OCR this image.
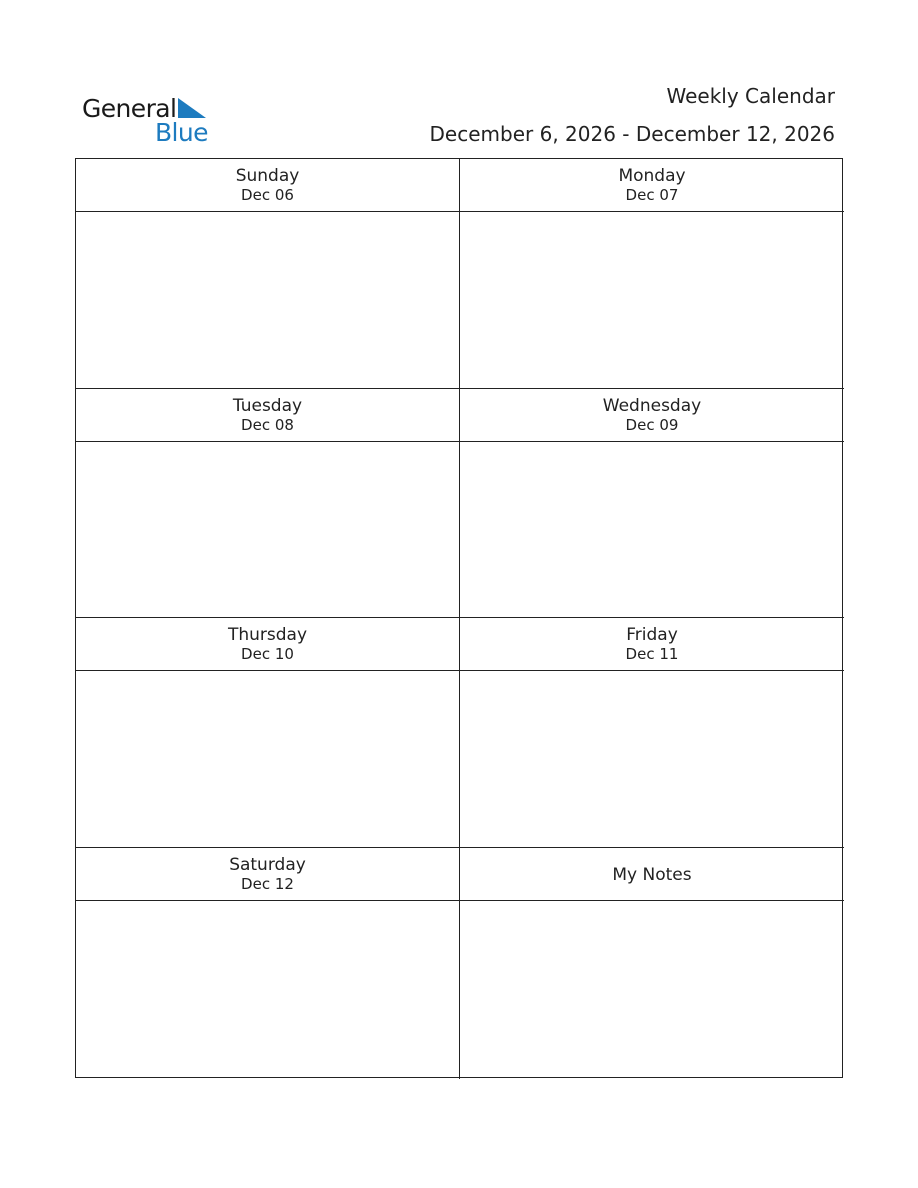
General
Blue
Weekly Calendar
December 6, 2026 - December 12, 2026
Sunday
Dec 06
Monday
Dec 07
Tuesday
Dec 08
Wednesday
Dec 09
Thursday
Dec 10
Friday
Dec 11
Saturday
Dec 12	My Notes
